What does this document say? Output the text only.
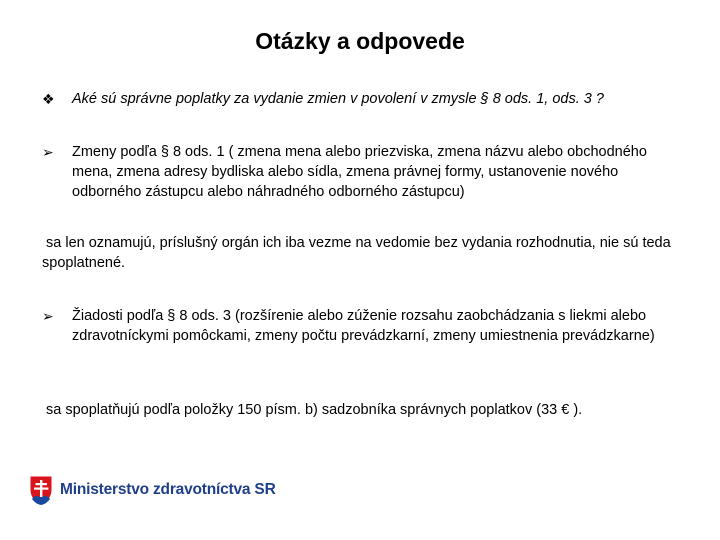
Otázky a odpovede
❖	Aké sú správne poplatky za vydanie zmien v povolení v zmysle § 8 ods. 1, ods. 3 ?
➢	Zmeny podľa § 8 ods. 1 ( zmena mena alebo priezviska, zmena názvu alebo obchodného mena, zmena adresy bydliska alebo sídla, zmena právnej formy, ustanovenie nového odborného zástupcu alebo náhradného odborného zástupcu)
sa len oznamujú, príslušný orgán ich iba vezme na vedomie bez vydania rozhodnutia, nie sú teda spoplatnené.
➢	Žiadosti podľa § 8 ods. 3 (rozšírenie alebo zúženie rozsahu zaobchádzania s liekmi alebo zdravotníckymi pomôckami, zmeny počtu prevádzkarní, zmeny umiestnenia prevádzkarne)
sa spoplatňujú podľa položky 150 písm. b) sadzobníka správnych poplatkov (33 € ).
Ministerstvo zdravotníctva SR
